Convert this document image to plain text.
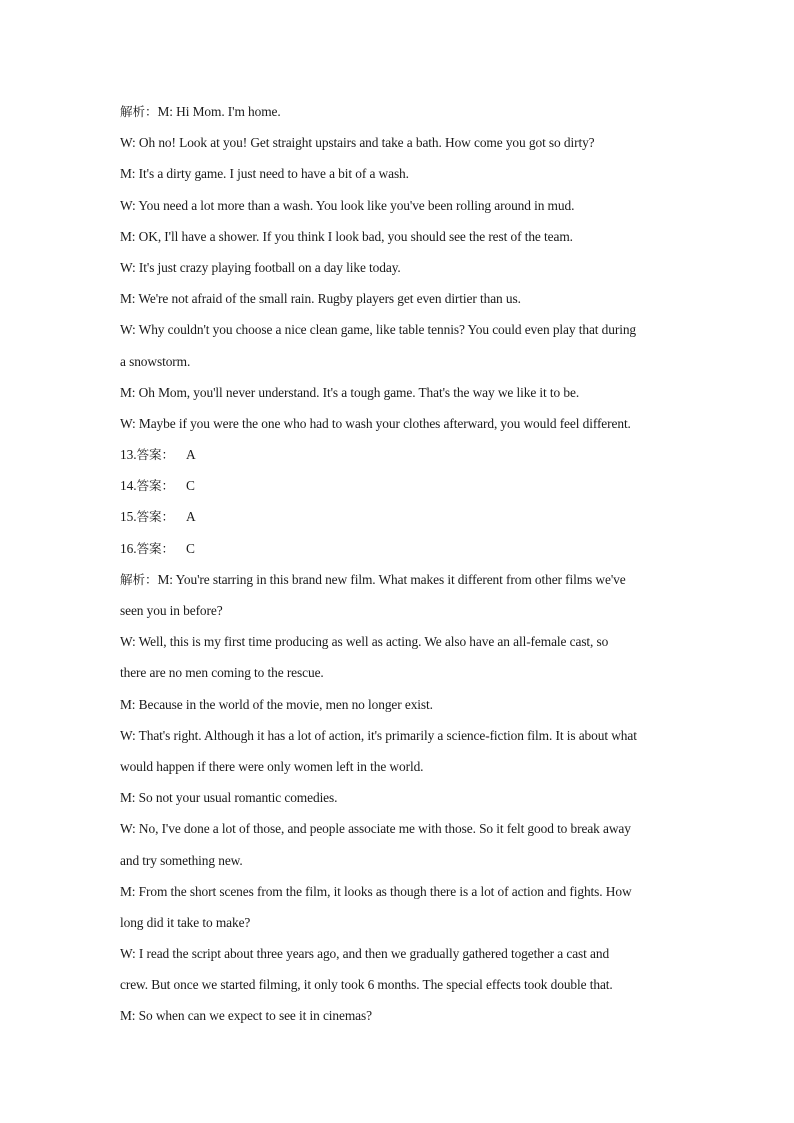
解析：M: Hi Mom. I'm home.
W: Oh no! Look at you! Get straight upstairs and take a bath. How come you got so dirty?
M: It's a dirty game. I just need to have a bit of a wash.
W: You need a lot more than a wash. You look like you've been rolling around in mud.
M: OK, I'll have a shower. If you think I look bad, you should see the rest of the team.
W: It's just crazy playing football on a day like today.
M: We're not afraid of the small rain. Rugby players get even dirtier than us.
W: Why couldn't you choose a nice clean game, like table tennis? You could even play that during
a snowstorm.
M: Oh Mom, you'll never understand. It's a tough game. That's the way we like it to be.
W: Maybe if you were the one who had to wash your clothes afterward, you would feel different.
13.答案： A
14.答案： C
15.答案： A
16.答案： C
解析：M: You're starring in this brand new film. What makes it different from other films we've
seen you in before?
W: Well, this is my first time producing as well as acting. We also have an all-female cast, so
there are no men coming to the rescue.
M: Because in the world of the movie, men no longer exist.
W: That's right. Although it has a lot of action, it's primarily a science-fiction film. It is about what
would happen if there were only women left in the world.
M: So not your usual romantic comedies.
W: No, I've done a lot of those, and people associate me with those. So it felt good to break away
and try something new.
M: From the short scenes from the film, it looks as though there is a lot of action and fights. How
long did it take to make?
W: I read the script about three years ago, and then we gradually gathered together a cast and
crew. But once we started filming, it only took 6 months. The special effects took double that.
M: So when can we expect to see it in cinemas?
